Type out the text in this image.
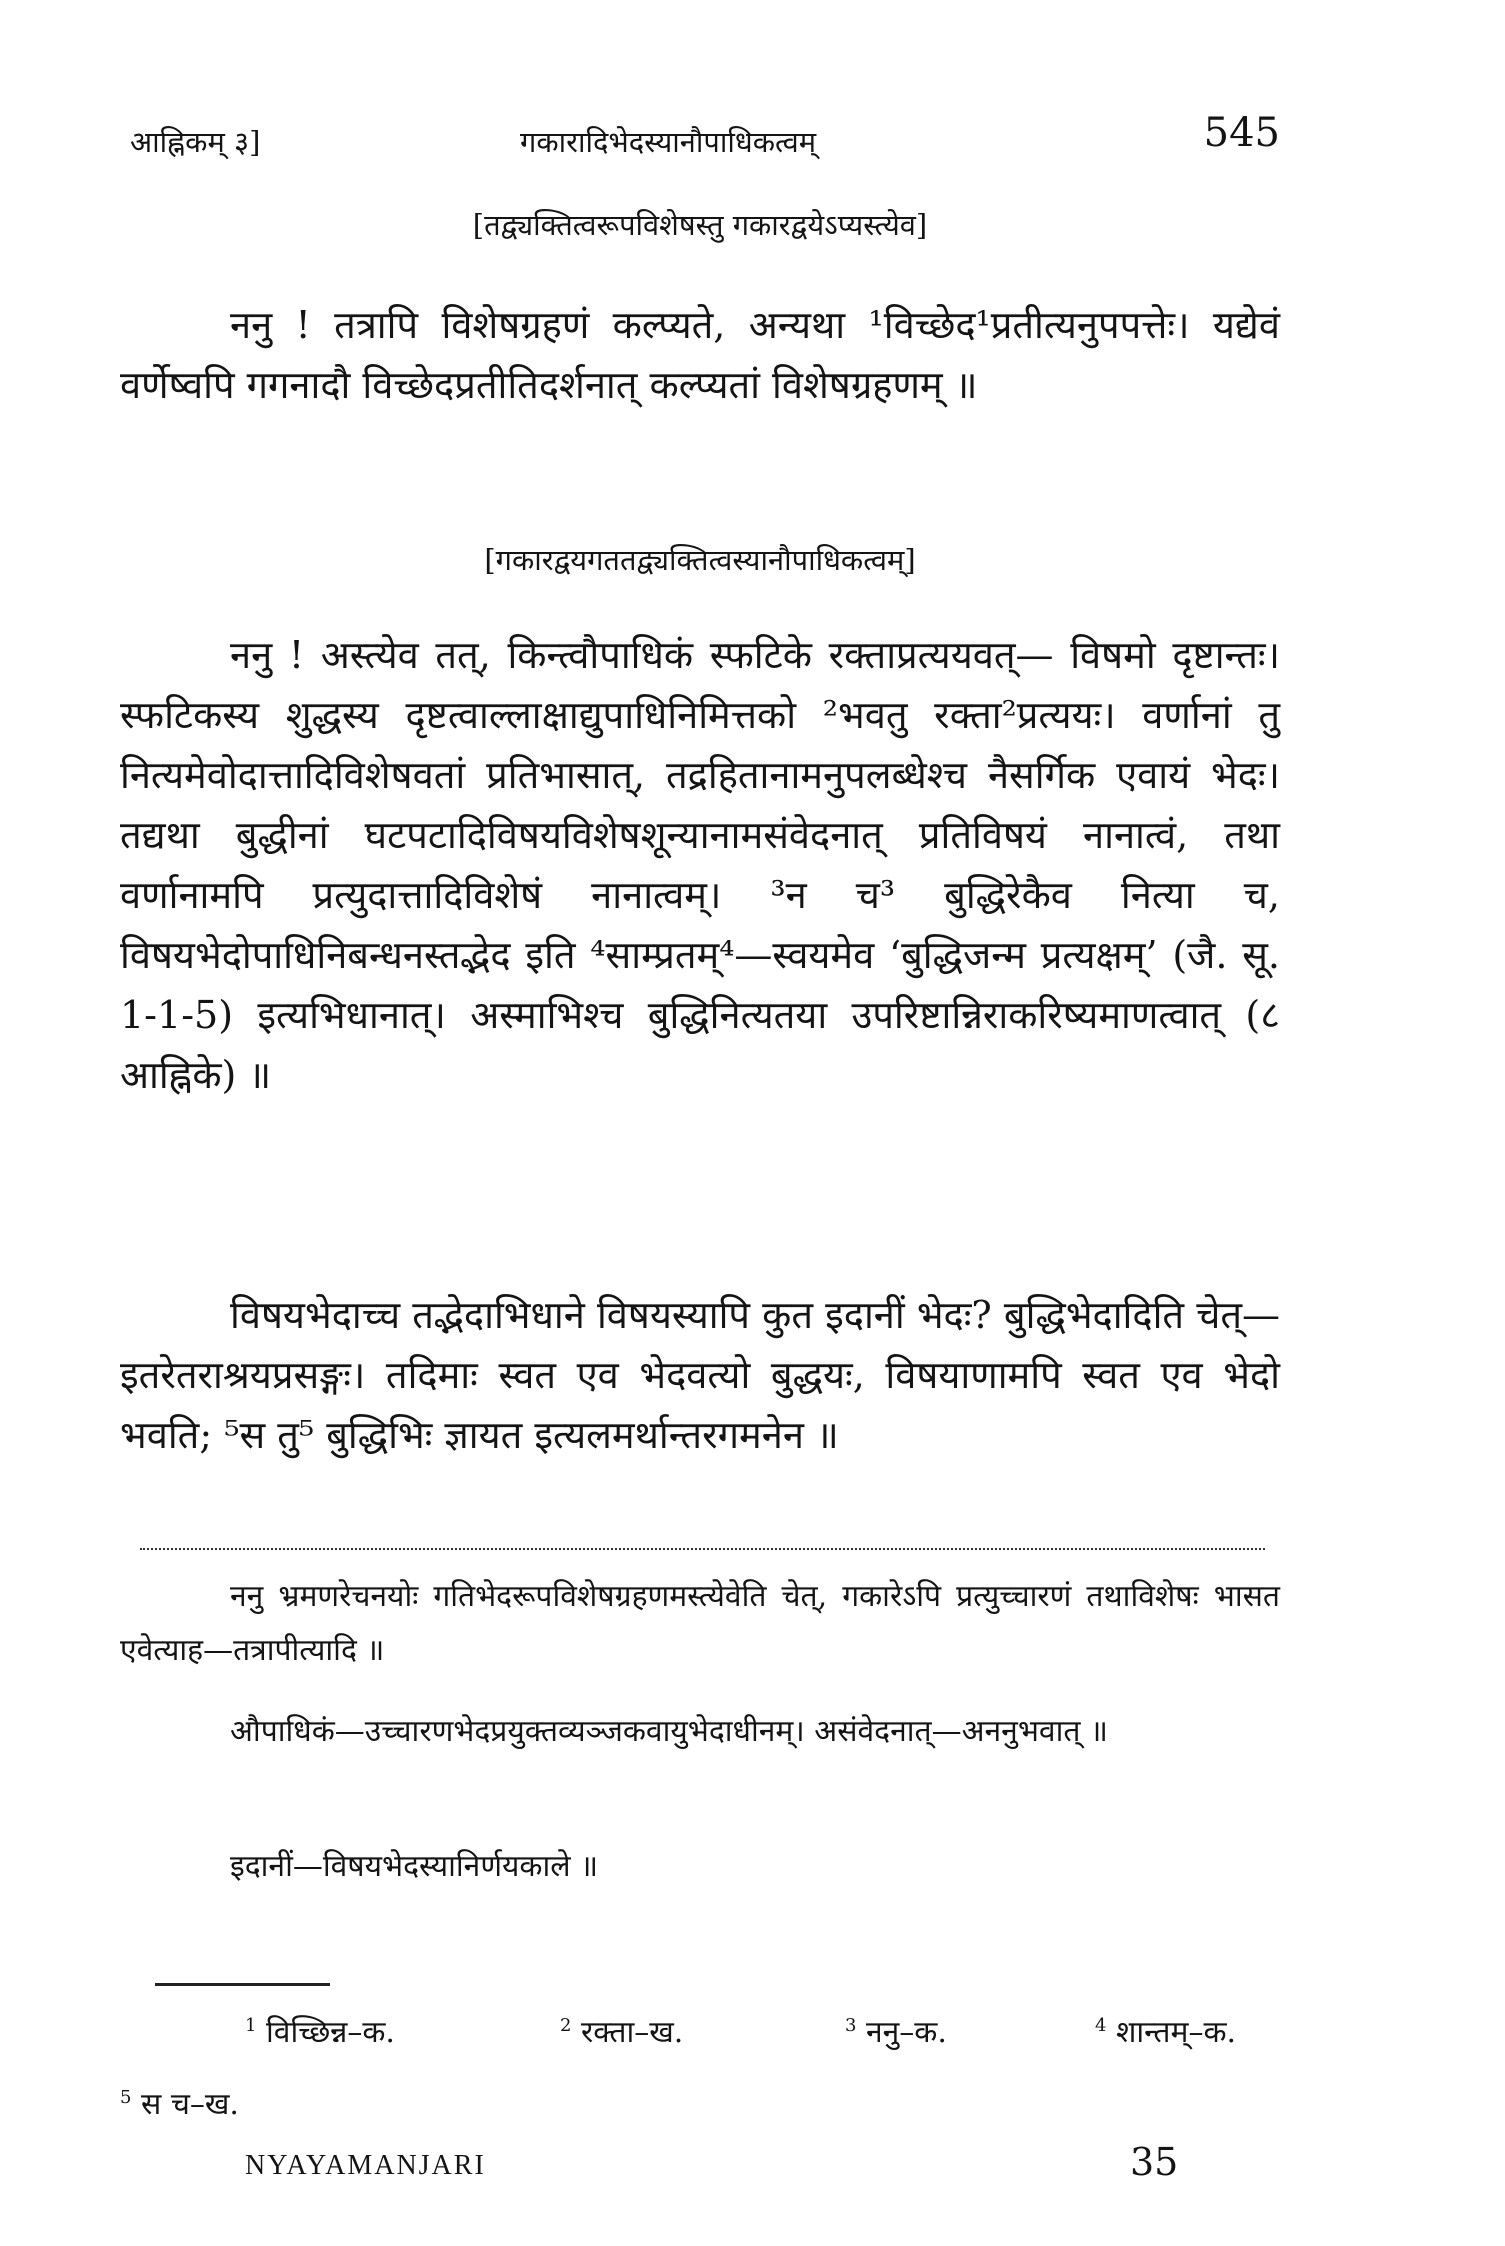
आह्निकम् ३]	गकारादिभेदस्यानौपाधिकत्वम्	545
[तद्व्यक्तित्वरूपविशेषस्तु गकारद्वयेऽप्यस्त्येव]

ननु ! तत्रापि विशेषग्रहणं कल्प्यते, अन्यथा ¹विच्छेद¹प्रतीत्यनुपपत्तेः। यद्येवं वर्णेष्वपि गगनादौ विच्छेदप्रतीतिदर्शनात् कल्प्यतां विशेषग्रहणम् ॥

[गकारद्वयगततद्व्यक्तित्वस्यानौपाधिकत्वम्]

ननु ! अस्त्येव तत्, किन्त्वौपाधिकं स्फटिके रक्ताप्रत्ययवत्— विषमो दृष्टान्तः। स्फटिकस्य शुद्धस्य दृष्टत्वाल्लाक्षाद्युपाधिनिमित्तको ²भवतु रक्ता²प्रत्ययः। वर्णानां तु नित्यमेवोदात्तादिविशेषवतां प्रतिभासात्, तद्रहितानामनुपलब्धेश्च नैसर्गिक एवायं भेदः। तद्यथा बुद्धीनां घटपटादिविषयविशेषशून्यानामसंवेदनात् प्रतिविषयं नानात्वं, तथा वर्णानामपि प्रत्युदात्तादिविशेषं नानात्वम्। ³न च³ बुद्धिरेकैव नित्या च, विषयभेदोपाधिनिबन्धनस्तद्भेद इति ⁴साम्प्रतम्⁴—स्वयमेव ‘बुद्धिजन्म प्रत्यक्षम्’ (जै. सू. 1-1-5) इत्यभिधानात्। अस्माभिश्च बुद्धिनित्यतया उपरिष्टान्निराकरिष्यमाणत्वात् (८ आह्निके) ॥

विषयभेदाच्च तद्भेदाभिधाने विषयस्यापि कुत इदानीं भेदः? बुद्धिभेदादिति चेत्—इतरेतराश्रयप्रसङ्गः। तदिमाः स्वत एव भेदवत्यो बुद्धयः, विषयाणामपि स्वत एव भेदो भवति; ⁵स तु⁵ बुद्धिभिः ज्ञायत इत्यलमर्थान्तरगमनेन ॥

ननु भ्रमणरेचनयोः गतिभेदरूपविशेषग्रहणमस्त्येवेति चेत्, गकारेऽपि प्रत्युच्चारणं तथाविशेषः भासत एवेत्याह—तत्रापीत्यादि ॥

औपाधिकं—उच्चारणभेदप्रयुक्तव्यञ्जकवायुभेदाधीनम्। असंवेदनात्—अननुभवात् ॥

इदानीं—विषयभेदस्यानिर्णयकाले ॥

$^1$ विच्छिन्न–क.	$^2$ रक्ता–ख.	$^3$ ननु–क.	$^4$ शान्तम्–क.
$^5$ स च–ख.
NYAYAMANJARI	35
